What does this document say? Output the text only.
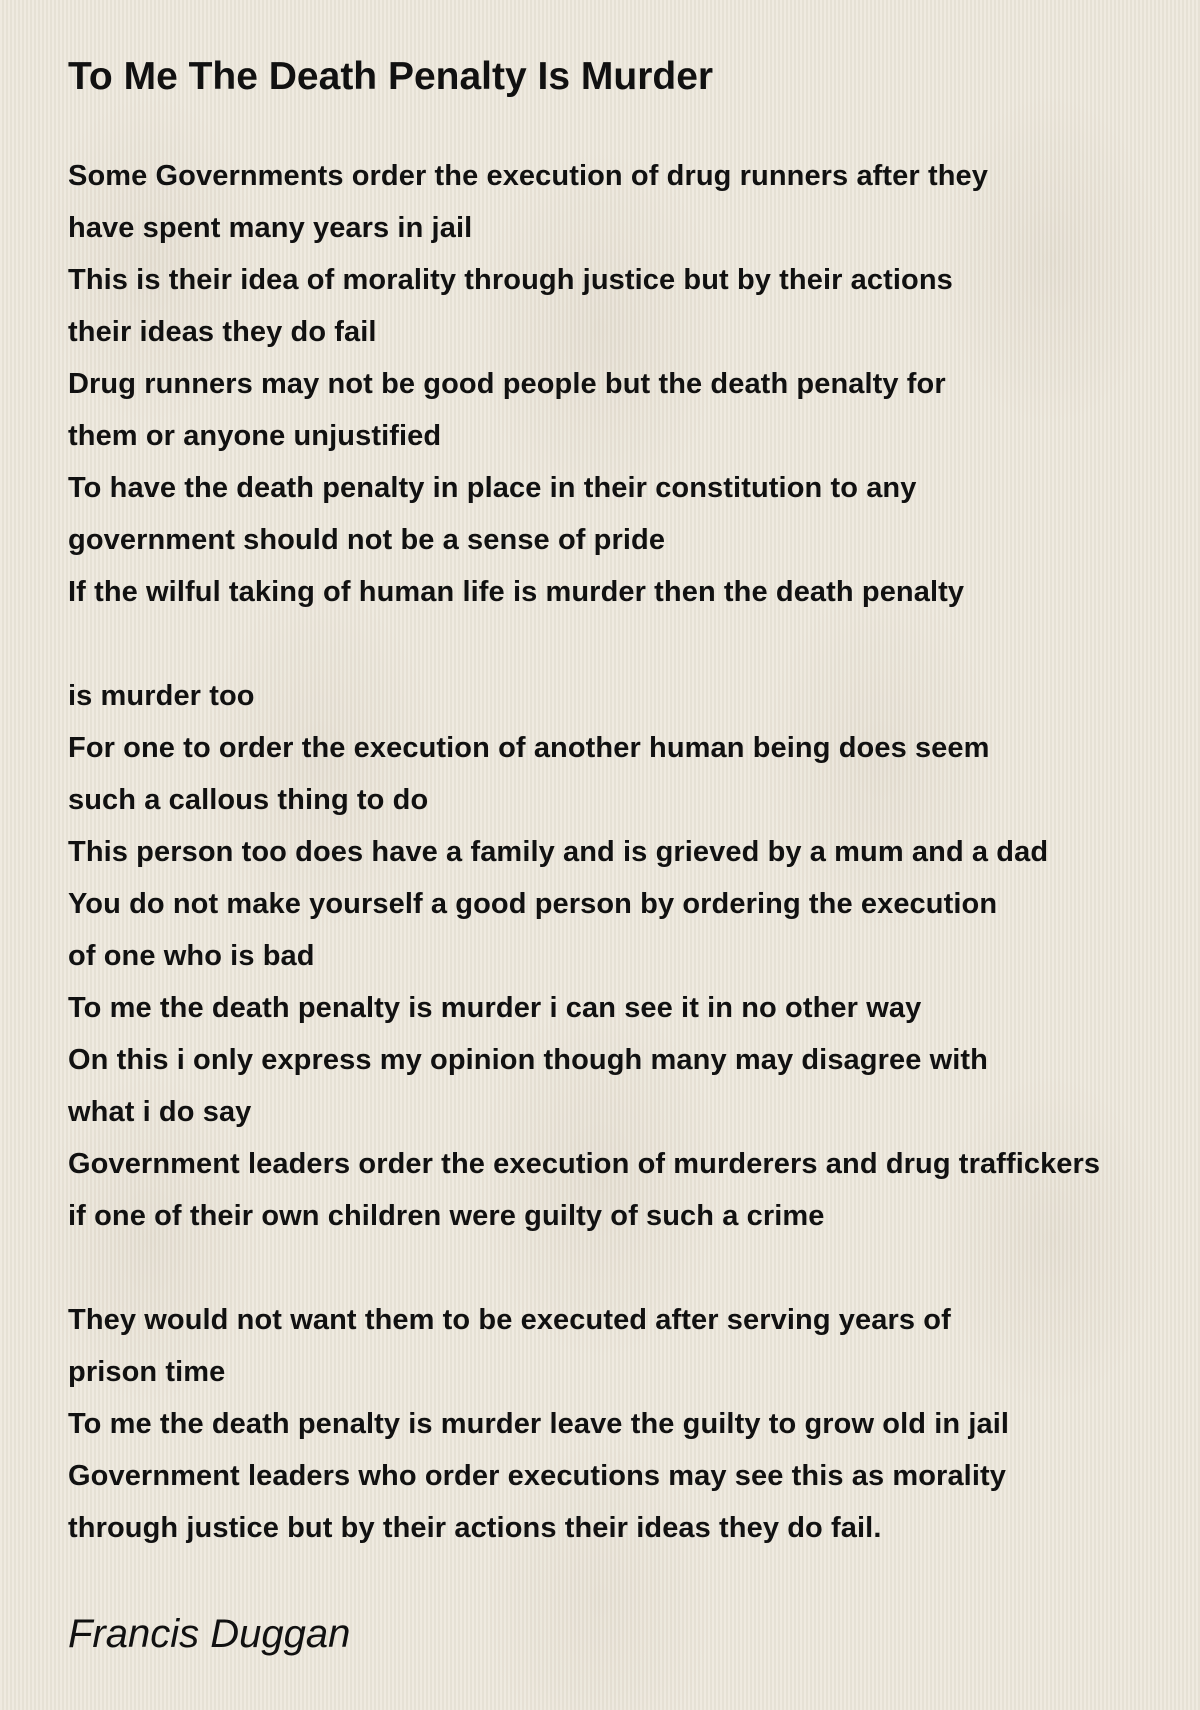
To Me The Death Penalty Is Murder
Some Governments order the execution of drug runners after they
have spent many years in jail
This is their idea of morality through justice but by their actions
their ideas they do fail
Drug runners may not be good people but the death penalty for
them or anyone unjustified
To have the death penalty in place in their constitution to any
government should not be a sense of pride
If the wilful taking of human life is murder then the death penalty
is murder too
For one to order the execution of another human being does seem
such a callous thing to do
This person too does have a family and is grieved by a mum and a dad
You do not make yourself a good person by ordering the execution
of one who is bad
To me the death penalty is murder i can see it in no other way
On this i only express my opinion though many may disagree with
what i do say
Government leaders order the execution of murderers and drug traffickers
if one of their own children were guilty of such a crime
They would not want them to be executed after serving years of
prison time
To me the death penalty is murder leave the guilty to grow old in jail
Government leaders who order executions may see this as morality
through justice but by their actions their ideas they do fail.

Francis Duggan
